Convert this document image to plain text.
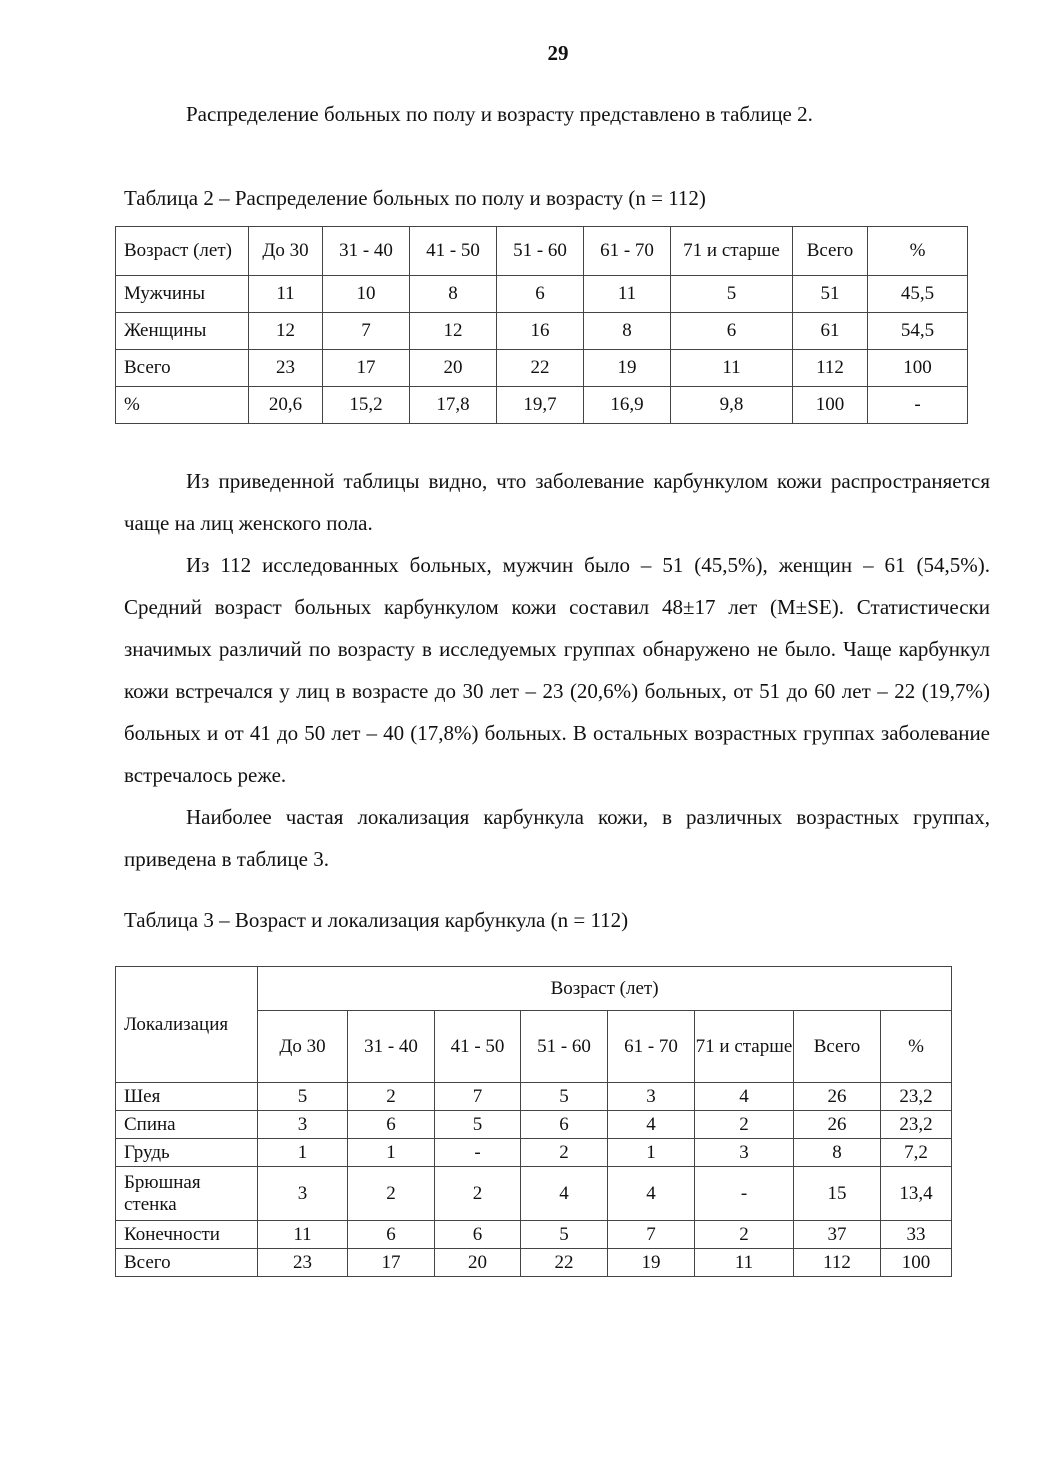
29
Распределение больных по полу и возрасту представлено в таблице 2.
Таблица 2 – Распределение больных по полу и возрасту (n = 112)
Возраст (лет)	До 30	31 - 40	41 - 50	51 - 60	61 - 70	71 и старше	Всего	%
Мужчины	11	10	8	6	11	5	51	45,5
Женщины	12	7	12	16	8	6	61	54,5
Всего	23	17	20	22	19	11	112	100
%	20,6	15,2	17,8	19,7	16,9	9,8	100	-

Из приведенной таблицы видно, что заболевание карбункулом кожи распространяется чаще на лиц женского пола.

Из 112 исследованных больных, мужчин было – 51 (45,5%), женщин – 61 (54,5%). Средний возраст больных карбункулом кожи составил 48±17 лет (M±SE). Статистически значимых различий по возрасту в исследуемых группах обнаружено не было. Чаще карбункул кожи встречался у лиц в возрасте до 30 лет – 23 (20,6%) больных, от 51 до 60 лет – 22 (19,7%) больных и от 41 до 50 лет – 40 (17,8%) больных. В остальных возрастных группах заболевание встречалось реже.

Наиболее частая локализация карбункула кожи, в различных возрастных группах, приведена в таблице 3.

Таблица 3 – Возраст и локализация карбункула (n = 112)
Локализация	Возраст (лет)							
	До 30	31 - 40	41 - 50	51 - 60	61 - 70	71 и старше	Всего	%
Шея	5	2	7	5	3	4	26	23,2
Спина	3	6	5	6	4	2	26	23,2
Грудь	1	1	-	2	1	3	8	7,2
Брюшная стенка	3	2	2	4	4	-	15	13,4
Конечности	11	6	6	5	7	2	37	33
Всего	23	17	20	22	19	11	112	100
